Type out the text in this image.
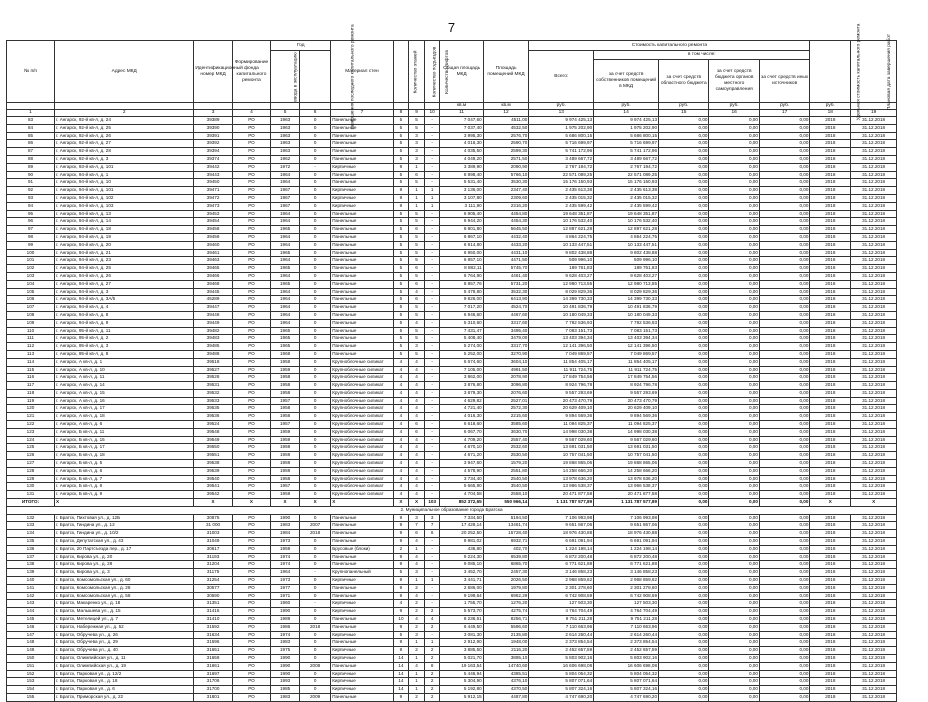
7
№ п/п	Адрес МКД	Идентификационный номер МКД	Формирование фонда капитального ремонта	Год		Материал стен	Количество этажей	Количество подъездов	Количество лифтов	Общая площадь МКД	Площадь помещений МКД	Стоимость капитального ремонта					Удельная стоимость капитального ремонта	Плановая дата завершения работ
				ввода в эксплуатацию	завершения последнего капитального ремонта							Всего:	в том числе:					
													за счет средств собственников помещений в МКД	за счет средств областного бюджета	за счет средств бюджета органов местного самоуправления	за счет средств иных источников		

										кв.м	кв.м	руб.	руб.	руб.	руб.	руб.	руб.	
1	2	3	4	5	6	7	8	9	10	11	12	13	14	15	16	17	18	19
83	г. Ангарск, 92-й кв-л, д. 24	39389	РО	1963	0	Панельные	5	5	-	7 047,60	4511,00	9 974 425,13	9 974 425,13	0,00	0,00	0,00	2018	31.12.2018
84	г. Ангарск, 92-й кв-л, д. 25	39390	РО	1963	0	Панельные	5	5	-	7 037,40	4532,50	1 975 202,90	1 975 202,90	0,00	0,00	0,00	2018	31.12.2018
85	г. Ангарск, 92-й кв-л, д. 26	39391	РО	1963	0	Панельные	5	3	-	3 995,30	2576,70	5 686 800,15	5 686 800,15	0,00	0,00	0,00	2018	31.12.2018
86	г. Ангарск, 92-й кв-л, д. 27	39392	РО	1963	0	Панельные	5	3	-	4 016,30	2590,70	5 716 699,97	5 716 699,97	0,00	0,00	0,00	2018	31.12.2018
87	г. Ангарск, 92-й кв-л, д. 28	39394	РО	1963	0	Панельные	5	3	-	4 035,50	2599,30	5 741 172,96	5 741 172,96	0,00	0,00	0,00	2018	31.12.2018
88	г. Ангарск, 92-й кв-л, д. 3	39374	РО	1962	0	Панельные	5	3	-	4 049,20	2571,50	3 489 667,72	3 489 667,72	0,00	0,00	0,00	2018	31.12.2018
89	г. Ангарск, 93-й кв-л, д. 101	39442	РО	1972	-	Кирпичные	9	1	-	3 389,90	2090,90	2 767 194,72	2 767 194,72	0,00	0,00	0,00	2018	31.12.2018
90	г. Ангарск, 94-й кв-л, д. 1	39443	РО	1964	0	Панельные	5	6	-	8 898,40	5766,10	22 571 089,25	22 571 089,25	0,00	0,00	0,00	2018	31.12.2018
91	г. Ангарск, 94-й кв-л, д. 10	39450	РО	1964	0	Панельные	5	5	-	5 531,40	3530,30	15 176 150,93	15 176 150,93	0,00	0,00	0,00	2018	31.12.2018
92	г. Ангарск, 94-й кв-л, д. 101	39471	РО	1967	0	Кирпичные	9	1	1	3 136,00	2347,40	2 435 613,38	2 435 613,38	0,00	0,00	0,00	2018	31.12.2018
93	г. Ангарск, 94-й кв-л, д. 102	39472	РО	1967	0	Кирпичные	9	1	1	3 107,80	2309,60	2 435 015,32	2 435 015,32	0,00	0,00	0,00	2018	31.12.2018
94	г. Ангарск, 94-й кв-л, д. 103	39473	РО	1967	0	Кирпичные	9	1	1	3 111,90	2316,20	2 435 599,42	2 435 599,42	0,00	0,00	0,00	2018	31.12.2018
95	г. Ангарск, 94-й кв-л, д. 13	39453	РО	1964	0	Панельные	5	5	-	6 905,40	4454,80	19 648 351,87	19 648 351,87	0,00	0,00	0,00	2018	31.12.2018
96	г. Ангарск, 94-й кв-л, д. 14	39454	РО	1964	0	Панельные	5	5	-	6 944,20	4454,30	10 176 532,40	10 176 532,40	0,00	0,00	0,00	2018	31.12.2018
97	г. Ангарск, 94-й кв-л, д. 18	39458	РО	1965	0	Панельные	5	6	-	8 801,80	5645,50	12 897 621,28	12 897 621,28	0,00	0,00	0,00	2018	31.12.2018
98	г. Ангарск, 94-й кв-л, д. 19	39459	РО	1964	0	Панельные	5	5	-	6 867,10	4432,40	4 864 224,75	4 864 224,75	0,00	0,00	0,00	2018	31.12.2018
99	г. Ангарск, 94-й кв-л, д. 20	39460	РО	1964	0	Панельные	5	5	-	6 914,80	4433,20	10 133 447,51	10 133 447,51	0,00	0,00	0,00	2018	31.12.2018
100	г. Ангарск, 94-й кв-л, д. 21	39461	РО	1965	0	Панельные	5	5	-	6 950,00	4431,10	9 802 438,88	9 802 438,88	0,00	0,00	0,00	2018	31.12.2018
101	г. Ангарск, 94-й кв-л, д. 23	39463	РО	1964	0	Панельные	5	5	-	6 857,10	4471,50	509 996,10	509 996,10	0,00	0,00	0,00	2018	31.12.2018
102	г. Ангарск, 94-й кв-л, д. 25	39465	РО	1965	0	Панельные	5	6	-	8 882,11	5745,70	189 761,83	189 761,83	0,00	0,00	0,00	2018	31.12.2018
103	г. Ангарск, 94-й кв-л, д. 26	39466	РО	1964	0	Панельные	5	5	-	6 764,90	4461,40	9 628 403,27	9 628 403,27	0,00	0,00	0,00	2018	31.12.2018
104	г. Ангарск, 94-й кв-л, д. 27	39468	РО	1965	0	Панельные	5	6	-	8 857,76	5731,20	12 980 713,55	12 980 713,55	0,00	0,00	0,00	2018	31.12.2018
105	г. Ангарск, 94-й кв-л, д. 3	39445	РО	1964	0	Панельные	5	4	-	5 478,80	3532,30	8 029 829,36	8 029 829,36	0,00	0,00	0,00	2018	31.12.2018
106	г. Ангарск, 94-й кв-л, д. 3А/5	45289	РО	1964	0	Панельные	5	6	-	9 826,00	6413,90	14 399 730,33	14 399 730,33	0,00	0,00	0,00	2018	31.12.2018
107	г. Ангарск, 94-й кв-л, д. 4	39447	РО	1964	0	Панельные	5	5	-	7 017,20	4524,70	10 491 836,79	10 491 836,79	0,00	0,00	0,00	2018	31.12.2018
108	г. Ангарск, 94-й кв-л, д. 8	39448	РО	1964	0	Панельные	5	5	-	6 946,60	4467,60	10 180 049,33	10 180 049,33	0,00	0,00	0,00	2018	31.12.2018
109	г. Ангарск, 94-й кв-л, д. 9	39449	РО	1964	0	Панельные	5	4	-	5 310,60	3317,60	7 782 536,93	7 782 536,93	0,00	0,00	0,00	2018	31.12.2018
110	г. Ангарск, 95-й кв-л, д. 11	39482	РО	1965	0	Панельные	5	5	-	7 431,47	3495,40	7 083 151,73	7 083 151,73	0,00	0,00	0,00	2018	31.12.2018
111	г. Ангарск, 95-й кв-л, д. 2	39483	РО	1965	0	Панельные	5	5	-	5 408,40	3479,00	13 403 394,34	13 403 394,34	0,00	0,00	0,00	2018	31.12.2018
112	г. Ангарск, 95-й кв-л, д. 3	39485	РО	1965	0	Панельные	5	3	-	5 274,00	3317,70	12 141 396,50	12 141 396,50	0,00	0,00	0,00	2018	31.12.2018
113	г. Ангарск, 95-й кв-л, д. 8	39488	РО	1968	0	Панельные	5	5	-	5 252,00	3270,90	7 049 869,57	7 049 869,57	0,00	0,00	0,00	2018	31.12.2018
114	г. Ангарск, А кв-л, д. 1	39518	РО	1958	0	Крупноблочные силикат	4	4	-	6 674,60	3604,10	11 854 405,17	11 854 405,17	0,00	0,00	0,00	2018	31.12.2018
115	г. Ангарск, А кв-л, д. 10	39527	РО	1959	0	Крупноблочные силикат	4	4	-	7 105,00	4991,50	11 911 724,75	11 911 724,75	0,00	0,00	0,00	2018	31.12.2018
116	г. Ангарск, А кв-л, д. 11	39528	РО	1958	0	Крупноблочные силикат	4	4	-	3 862,00	2078,90	17 849 754,56	17 849 754,56	0,00	0,00	0,00	2018	31.12.2018
117	г. Ангарск, А кв-л, д. 14	39531	РО	1958	0	Крупноблочные силикат	4	4	-	3 876,80	3096,80	8 924 796,78	8 924 796,78	0,00	0,00	0,00	2018	31.12.2018
118	г. Ангарск, А кв-л, д. 15	39532	РО	1958	0	Крупноблочные силикат	4	4	-	3 879,30	2076,60	9 557 293,69	9 557 293,69	0,00	0,00	0,00	2018	31.12.2018
119	г. Ангарск, А кв-л, д. 16	39533	РО	1957	0	Крупноблочные силикат	4	4	-	4 629,82	2527,01	20 473 470,79	20 473 470,79	0,00	0,00	0,00	2018	31.12.2018
120	г. Ангарск, А кв-л, д. 17	39535	РО	1958	0	Крупноблочные силикат	4	4	-	4 721,40	2572,30	20 629 409,10	20 629 409,10	0,00	0,00	0,00	2018	31.12.2018
121	г. Ангарск, А кв-л, д. 18	39536	РО	1958	0	Крупноблочные силикат	4	4	-	4 016,30	2215,60	9 894 569,36	9 894 569,36	0,00	0,00	0,00	2018	31.12.2018
122	г. Ангарск, А кв-л, д. 6	39524	РО	1957	0	Крупноблочные силикат	4	6	-	6 618,60	3585,60	11 094 825,37	11 094 825,37	0,00	0,00	0,00	2018	31.12.2018
123	г. Ангарск, Б кв-л, д. 11	39548	РО	1959	0	Крупноблочные силикат	4	6	-	6 067,70	3630,70	14 998 030,38	14 998 030,38	0,00	0,00	0,00	2018	31.12.2018
124	г. Ангарск, Б кв-л, д. 15	39549	РО	1959	0	Крупноблочные силикат	4	4	-	4 709,20	2557,40	9 567 029,60	9 567 029,60	0,00	0,00	0,00	2018	31.12.2018
125	г. Ангарск, Б кв-л, д. 17	39550	РО	1959	0	Крупноблочные силикат	4	4	-	4 670,10	2532,60	13 691 031,50	13 691 031,50	0,00	0,00	0,00	2018	31.12.2018
126	г. Ангарск, Б кв-л, д. 18	39551	РО	1959	0	Крупноблочные силикат	4	4	-	4 671,20	2530,50	10 757 041,50	10 757 041,50	0,00	0,00	0,00	2018	31.12.2018
127	г. Ангарск, Б кв-л, д. 5	39538	РО	1959	0	Крупноблочные силикат	4	4	-	3 947,60	1579,20	19 868 865,06	19 868 865,06	0,00	0,00	0,00	2018	31.12.2018
128	г. Ангарск, Б кв-л, д. 6	39539	РО	1959	0	Крупноблочные силикат	4	4	-	4 578,90	2551,80	14 258 666,20	14 258 666,20	0,00	0,00	0,00	2018	31.12.2018
129	г. Ангарск, Б кв-л, д. 7	39540	РО	1958	0	Крупноблочные силикат	4	4	-	3 734,40	2540,50	13 978 636,20	13 978 636,20	0,00	0,00	0,00	2018	31.12.2018
130	г. Ангарск, Б кв-л, д. 8	39541	РО	1957	0	Крупноблочные силикат	4	4	-	5 665,90	3540,50	13 966 538,37	13 966 538,37	0,00	0,00	0,00	2018	31.12.2018
131	г. Ангарск, Б кв-л, д. 9	39542	РО	1959	0	Крупноблочные силикат	4	4	-	4 704,58	2558,10	20 471 877,58	20 471 877,58	0,00	0,00	0,00	2018	31.12.2018
ИТОГО:	X	X	X	X	X	X	X	X	103	852 372,65	550 966,14	1 131 787 577,89	1 131 787 577,89	0,00	0,00	0,00	X	X
2. Муниципальное образование города Братска																		
132	г. Братск, Пихтовая ул., д. 12Б	30875	РО	1990	0	Панельные	9	3	3	7 334,50	5194,50	7 106 993,98	7 106 993,98	0,00	0,00	0,00	2018	31.12.2018
133	г. Братск, Гиндина ул., д. 12	31 000	РО	1983	2007	Панельные	9	7	7	17 428,14	13461,74	9 651 867,06	9 651 867,06	0,00	0,00	0,00	2018	31.12.2018
134	г. Братск, Гиндина ул., д. 10/2	31003	РО	1984	2018	Панельные	9	6	6	20 252,50	15728,40	18 976 430,88	18 976 430,88	0,00	0,00	0,00	2018	31.12.2018
135	г. Братск, Депутатская ул., д. 43	31049	РО	1973	0	Панельные	9	4	-	8 981,02	6932,71	6 691 091,94	6 691 091,94	0,00	0,00	0,00	2018	31.12.2018
136	г. Братск, 20 Партсъезда пер., д. 17	30617	РО	1959	0	Брусовые (блоки)	2	1	-	436,80	402,70	1 224 198,14	1 224 198,14	0,00	0,00	0,00	2018	31.12.2018
137	г. Братск, Кирова ул., д. 20	31193	РО	1974	0	Панельные	9	4	-	9 224,30	6539,80	6 872 200,48	6 872 200,48	0,00	0,00	0,00	2018	31.12.2018
138	г. Братск, Кирова ул., д. 28	31204	РО	1974	0	Панельные	9	4	-	9 085,10	6865,70	6 771 621,88	6 771 621,88	0,00	0,00	0,00	2018	31.12.2018
139	г. Братск, Кирова ул., д. 3	31175	РО	1964	-	Крупнопанельный	5	3	-	3 452,70	2457,30	3 146 858,23	3 146 858,23	0,00	0,00	0,00	2018	31.12.2018
140	г. Братск, Комсомольская ул., д. 60	31254	РО	1973	0	Кирпичные	9	1	1	3 441,71	2026,50	2 968 859,62	2 968 859,62	0,00	0,00	0,00	2018	31.12.2018
141	г. Братск, Комсомольская ул., д. 28	30577	РО	1977	0	Панельные	9	2	-	2 686,00	1979,80	2 301 278,60	2 301 278,60	0,00	0,00	0,00	2018	31.12.2018
142	г. Братск, Комсомольская ул., д. 58	30590	РО	1971	0	Панельные	9	4	-	9 199,64	6962,29	6 742 908,59	6 742 908,59	0,00	0,00	0,00	2018	31.12.2018
143	г. Братск, Макаренко ул., д. 18	31351	РО	1960	-	Кирпичные	4	2	-	1 755,70	1276,20	127 503,30	127 503,30	0,00	0,00	0,00	2018	31.12.2018
144	г. Братск, Малышева ул., д. 15	31415	РО	1990	0	Кирпичные	9	2	2	5 573,70	4275,74	4 764 704,49	4 764 704,49	0,00	0,00	0,00	2018	31.12.2018
145	г. Братск, Метелицей ул., д. 7	31410	РО	1989	0	Панельные	10	4	4	8 236,51	8256,71	9 751 211,28	9 751 211,28	0,00	0,00	0,00	2018	31.12.2018
146	г. Братск, Набережная ул., д. 52	31592	РО	1986	2018	Панельные	9	2	2	6 449,50	5596,60	7 110 663,96	7 110 663,96	0,00	0,00	0,00	2018	31.12.2018
147	г. Братск, Обручева ул., д. 26	31634	РО	1974	0	Кирпичные	5	3	-	3 081,30	2135,80	2 614 260,44	2 614 260,44	0,00	0,00	0,00	2018	31.12.2018
148	г. Братск, Обручева ул., д. 29	31596	РО	1983	0	Панельные	9	1	1	2 912,90	1948,00	2 373 854,54	2 373 854,54	0,00	0,00	0,00	2018	31.12.2018
149	г. Братск, Обручева ул., д. 40	31651	РО	1975	0	Кирпичные	9	2	2	3 885,50	2116,20	2 452 657,59	2 452 657,59	0,00	0,00	0,00	2018	31.12.2018
150	г. Братск, Олимпийская ул., д. 11	31659	РО	1990	0	Кирпичные	14	1	2	5 021,70	3895,10	5 803 902,16	5 803 902,16	0,00	0,00	0,00	2018	31.12.2018
151	г. Братск, Олимпийская ул., д. 19	31661	РО	1990	2008	Панельные	14	4	8	19 163,54	14740,60	16 606 698,08	16 606 698,08	0,00	0,00	0,00	2018	31.12.2018
152	г. Братск, Парковая ул., д. 12/2	31697	РО	1990	0	Кирпичные	14	1	2	5 446,94	4385,51	5 804 054,32	5 804 054,32	0,00	0,00	0,00	2018	31.12.2018
153	г. Братск, Парковая ул., д. 18	31706	РО	1993	0	Кирпичные	14	1	2	5 304,90	4376,10	5 807 071,64	5 807 071,64	0,00	0,00	0,00	2018	31.12.2018
154	г. Братск, Парковая ул., д. 6	31700	РО	1985	0	Кирпичные	14	1	2	5 192,80	4370,50	5 807 324,16	5 807 324,16	0,00	0,00	0,00	2018	31.12.2018
155	г. Братск, Приморская ул., д. 22	31801	РО	1983	2009	Панельные	9	2	2	5 912,15	4487,80	4 747 690,20	4 747 690,20	0,00	0,00	0,00	2018	31.12.2018
